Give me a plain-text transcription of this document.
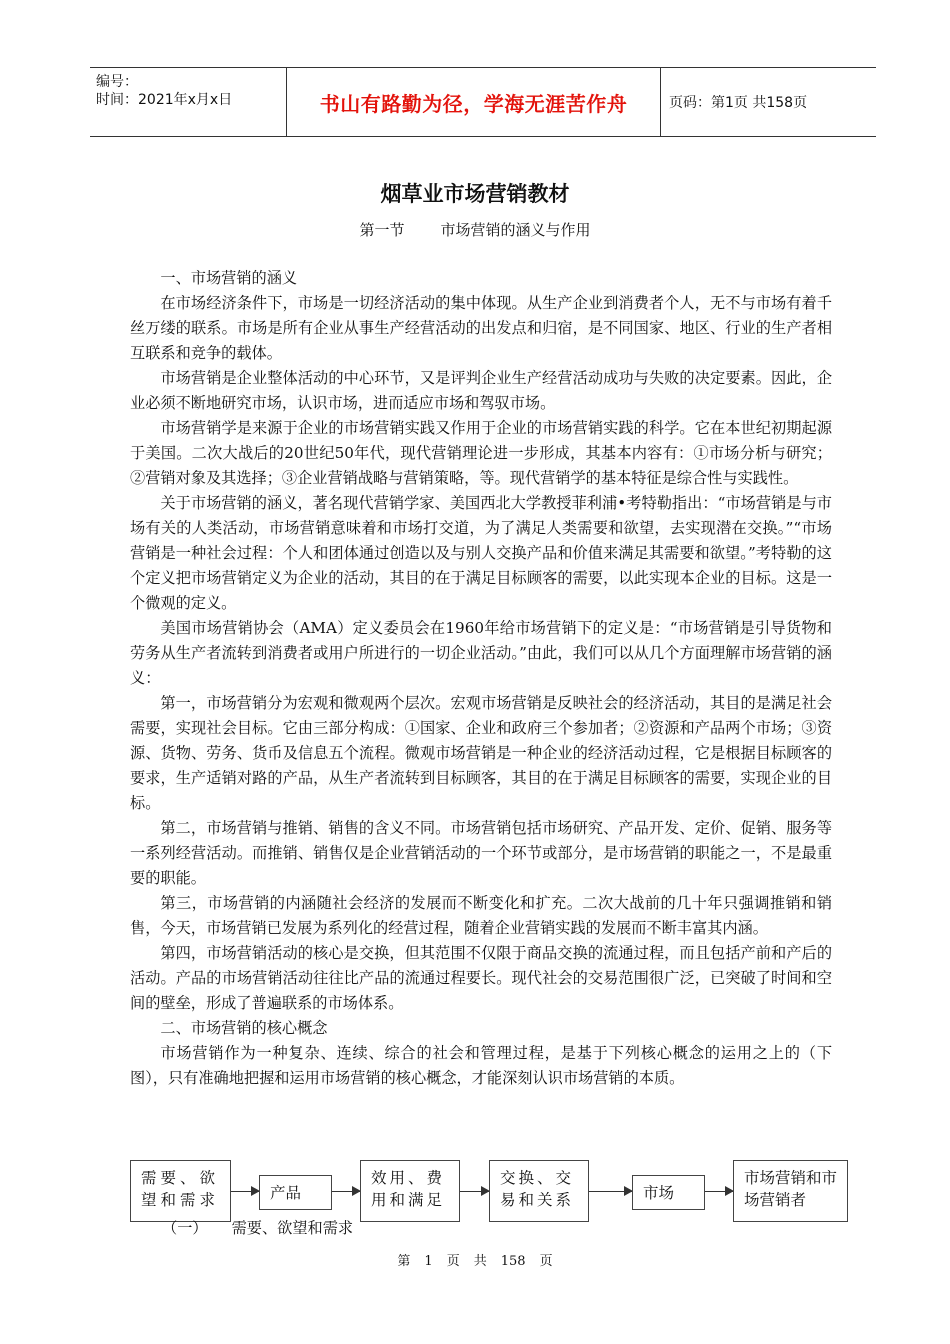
编号：
时间：2021年x月x日	书山有路勤为径，学海无涯苦作舟	页码：第1页 共158页
烟草业市场营销教材
第一节 市场营销的涵义与作用

一、市场营销的涵义

在市场经济条件下，市场是一切经济活动的集中体现。从生产企业到消费者个人，无不与市场有着千丝万缕的联系。市场是所有企业从事生产经营活动的出发点和归宿，是不同国家、地区、行业的生产者相互联系和竞争的载体。

市场营销是企业整体活动的中心环节，又是评判企业生产经营活动成功与失败的决定要素。因此，企业必须不断地研究市场，认识市场，进而适应市场和驾驭市场。

市场营销学是来源于企业的市场营销实践又作用于企业的市场营销实践的科学。它在本世纪初期起源于美国。二次大战后的20世纪50年代，现代营销理论进一步形成，其基本内容有：①市场分析与研究；②营销对象及其选择；③企业营销战略与营销策略，等。现代营销学的基本特征是综合性与实践性。

关于市场营销的涵义，著名现代营销学家、美国西北大学教授菲利浦•考特勒指出：“市场营销是与市场有关的人类活动，市场营销意味着和市场打交道，为了满足人类需要和欲望，去实现潜在交换。”“市场营销是一种社会过程：个人和团体通过创造以及与别人交换产品和价值来满足其需要和欲望。”考特勒的这个定义把市场营销定义为企业的活动，其目的在于满足目标顾客的需要，以此实现本企业的目标。这是一个微观的定义。

美国市场营销协会（AMA）定义委员会在1960年给市场营销下的定义是：“市场营销是引导货物和劳务从生产者流转到消费者或用户所进行的一切企业活动。”由此，我们可以从几个方面理解市场营销的涵义：

第一，市场营销分为宏观和微观两个层次。宏观市场营销是反映社会的经济活动，其目的是满足社会需要，实现社会目标。它由三部分构成：①国家、企业和政府三个参加者；②资源和产品两个市场；③资源、货物、劳务、货币及信息五个流程。微观市场营销是一种企业的经济活动过程，它是根据目标顾客的要求，生产适销对路的产品，从生产者流转到目标顾客，其目的在于满足目标顾客的需要，实现企业的目标。

第二，市场营销与推销、销售的含义不同。市场营销包括市场研究、产品开发、定价、促销、服务等一系列经营活动。而推销、销售仅是企业营销活动的一个环节或部分，是市场营销的职能之一，不是最重要的职能。

第三，市场营销的内涵随社会经济的发展而不断变化和扩充。二次大战前的几十年只强调推销和销售，今天，市场营销已发展为系列化的经营过程，随着企业营销实践的发展而不断丰富其内涵。

第四，市场营销活动的核心是交换，但其范围不仅限于商品交换的流通过程，而且包括产前和产后的活动。产品的市场营销活动往往比产品的流通过程要长。现代社会的交易范围很广泛，已突破了时间和空间的壁垒，形成了普遍联系的市场体系。

二、市场营销的核心概念

市场营销作为一种复杂、连续、综合的社会和管理过程，是基于下列核心概念的运用之上的（下图），只有准确地把握和运用市场营销的核心概念，才能深刻认识市场营销的本质。

需要、欲望和需求	产品
效用、费用和满足
交换、交易和关系	市场
市场营销和市场营销者
（一） 需要、欲望和需求
第 1 页 共 158 页
